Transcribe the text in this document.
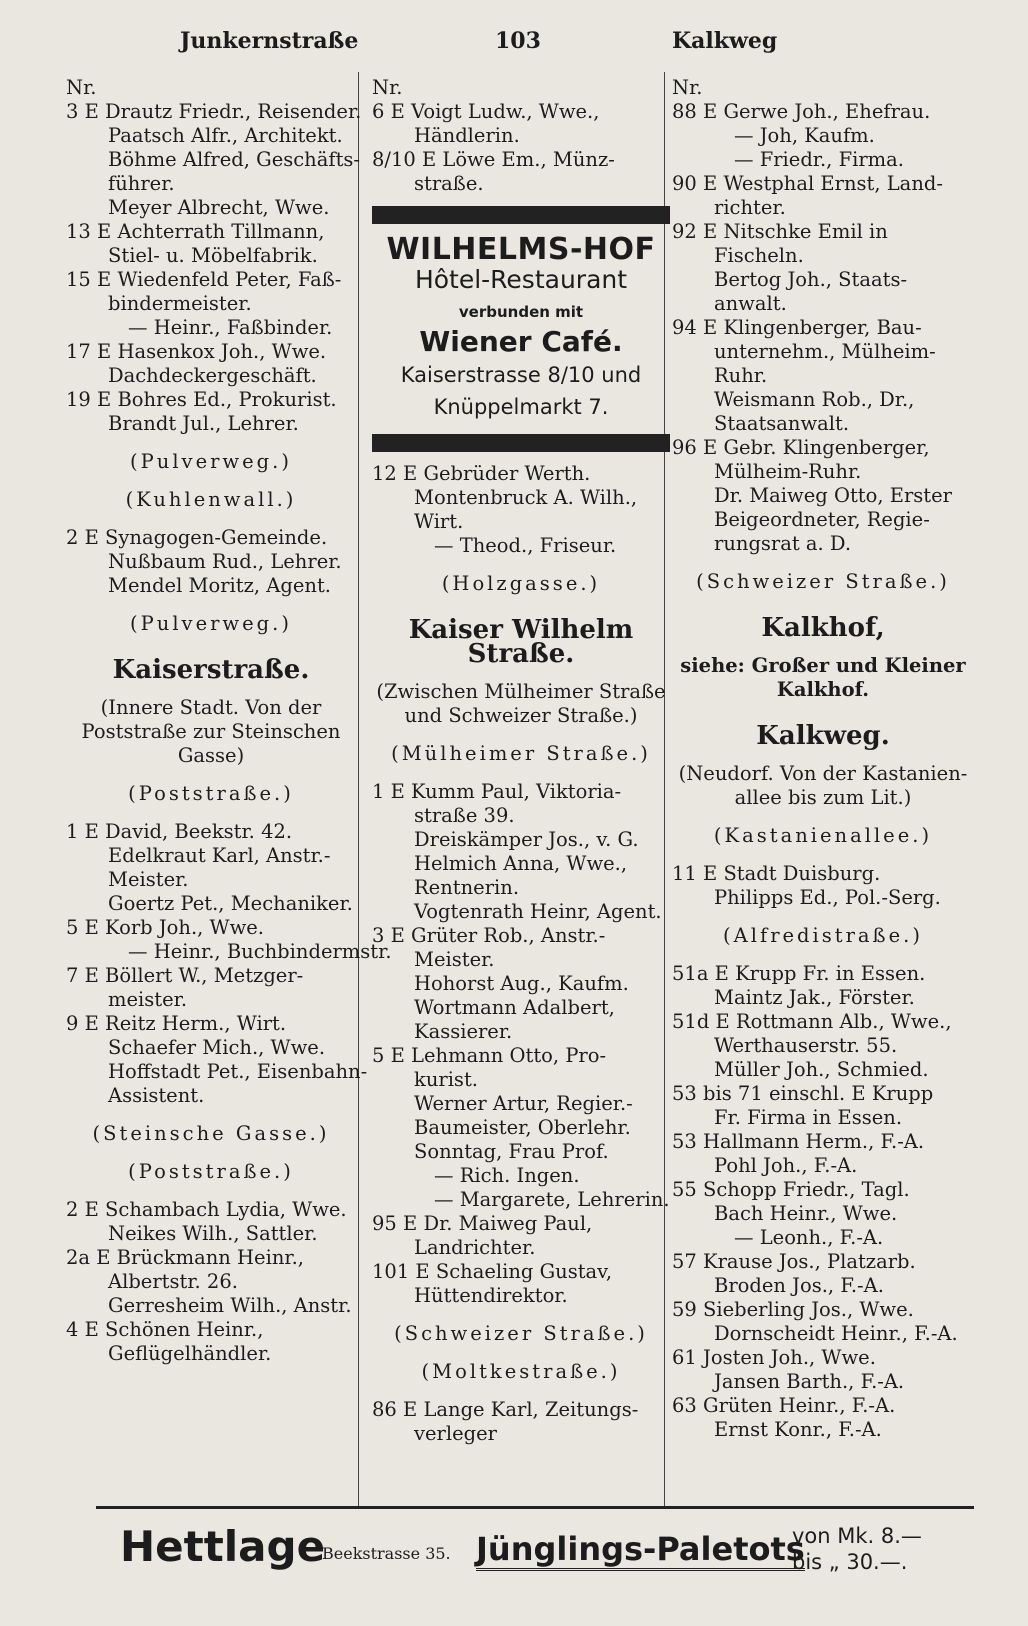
Junkernstraße	103	Kalkweg
Nr.
3 E Drautz Friedr., Reisender.
Paatsch Alfr., Architekt.
Böhme Alfred, Geschäfts-
führer.
Meyer Albrecht, Wwe.
13 E Achterrath Tillmann,
Stiel- u. Möbelfabrik.
15 E Wiedenfeld Peter, Faß-
bindermeister.
— Heinr., Faßbinder.
17 E Hasenkox Joh., Wwe.
Dachdeckergeschäft.
19 E Bohres Ed., Prokurist.
Brandt Jul., Lehrer.
(Pulverweg.)
(Kuhlenwall.)
2 E Synagogen-Gemeinde.
Nußbaum Rud., Lehrer.
Mendel Moritz, Agent.
(Pulverweg.)
Kaiserstraße.
(Innere Stadt. Von der
Poststraße zur Steinschen
Gasse)
(Poststraße.)
1 E David, Beekstr. 42.
Edelkraut Karl, Anstr.-
Meister.
Goertz Pet., Mechaniker.
5 E Korb Joh., Wwe.
— Heinr., Buchbindermstr.
7 E Böllert W., Metzger-
meister.
9 E Reitz Herm., Wirt.
Schaefer Mich., Wwe.
Hoffstadt Pet., Eisenbahn-
Assistent.
(Steinsche Gasse.)
(Poststraße.)
2 E Schambach Lydia, Wwe.
Neikes Wilh., Sattler.
2a E Brückmann Heinr.,
Albertstr. 26.
Gerresheim Wilh., Anstr.
4 E Schönen Heinr.,
Geflügelhändler.
Nr.
6 E Voigt Ludw., Wwe.,
Händlerin.
8/10 E Löwe Em., Münz-
straße.
WILHELMS-HOF
Hôtel-Restaurant
verbunden mit
Wiener Café.
Kaiserstrasse 8/10 und
Knüppelmarkt 7.
12 E Gebrüder Werth.
Montenbruck A. Wilh.,
Wirt.
— Theod., Friseur.
(Holzgasse.)
Kaiser Wilhelm Straße.
(Zwischen Mülheimer Straße
und Schweizer Straße.)
(Mülheimer Straße.)
1 E Kumm Paul, Viktoria-
straße 39.
Dreiskämper Jos., v. G.
Helmich Anna, Wwe.,
Rentnerin.
Vogtenrath Heinr, Agent.
3 E Grüter Rob., Anstr.-
Meister.
Hohorst Aug., Kaufm.
Wortmann Adalbert,
Kassierer.
5 E Lehmann Otto, Pro-
kurist.
Werner Artur, Regier.-
Baumeister, Oberlehr.
Sonntag, Frau Prof.
— Rich. Ingen.
— Margarete, Lehrerin.
95 E Dr. Maiweg Paul,
Landrichter.
101 E Schaeling Gustav,
Hüttendirektor.
(Schweizer Straße.)
(Moltkestraße.)
86 E Lange Karl, Zeitungs-
verleger
Nr.
88 E Gerwe Joh., Ehefrau.
— Joh, Kaufm.
— Friedr., Firma.
90 E Westphal Ernst, Land-
richter.
92 E Nitschke Emil in
Fischeln.
Bertog Joh., Staats-
anwalt.
94 E Klingenberger, Bau-
unternehm., Mülheim-
Ruhr.
Weismann Rob., Dr.,
Staatsanwalt.
96 E Gebr. Klingenberger,
Mülheim-Ruhr.
Dr. Maiweg Otto, Erster
Beigeordneter, Regie-
rungsrat a. D.
(Schweizer Straße.)
Kalkhof,
siehe: Großer und Kleiner
Kalkhof.
Kalkweg.
(Neudorf. Von der Kastanien-
allee bis zum Lit.)
(Kastanienallee.)
11 E Stadt Duisburg.
Philipps Ed., Pol.-Serg.
(Alfredistraße.)
51a E Krupp Fr. in Essen.
Maintz Jak., Förster.
51d E Rottmann Alb., Wwe.,
Werthauserstr. 55.
Müller Joh., Schmied.
53 bis 71 einschl. E Krupp
Fr. Firma in Essen.
53 Hallmann Herm., F.-A.
Pohl Joh., F.-A.
55 Schopp Friedr., Tagl.
Bach Heinr., Wwe.
— Leonh., F.-A.
57 Krause Jos., Platzarb.
Broden Jos., F.-A.
59 Sieberling Jos., Wwe.
Dornscheidt Heinr., F.-A.
61 Josten Joh., Wwe.
Jansen Barth., F.-A.
63 Grüten Heinr., F.-A.
Ernst Konr., F.-A.
Hettlage
Beekstrasse 35. Jünglings-Paletots
von Mk. 8.—
bis „ 30.—.
